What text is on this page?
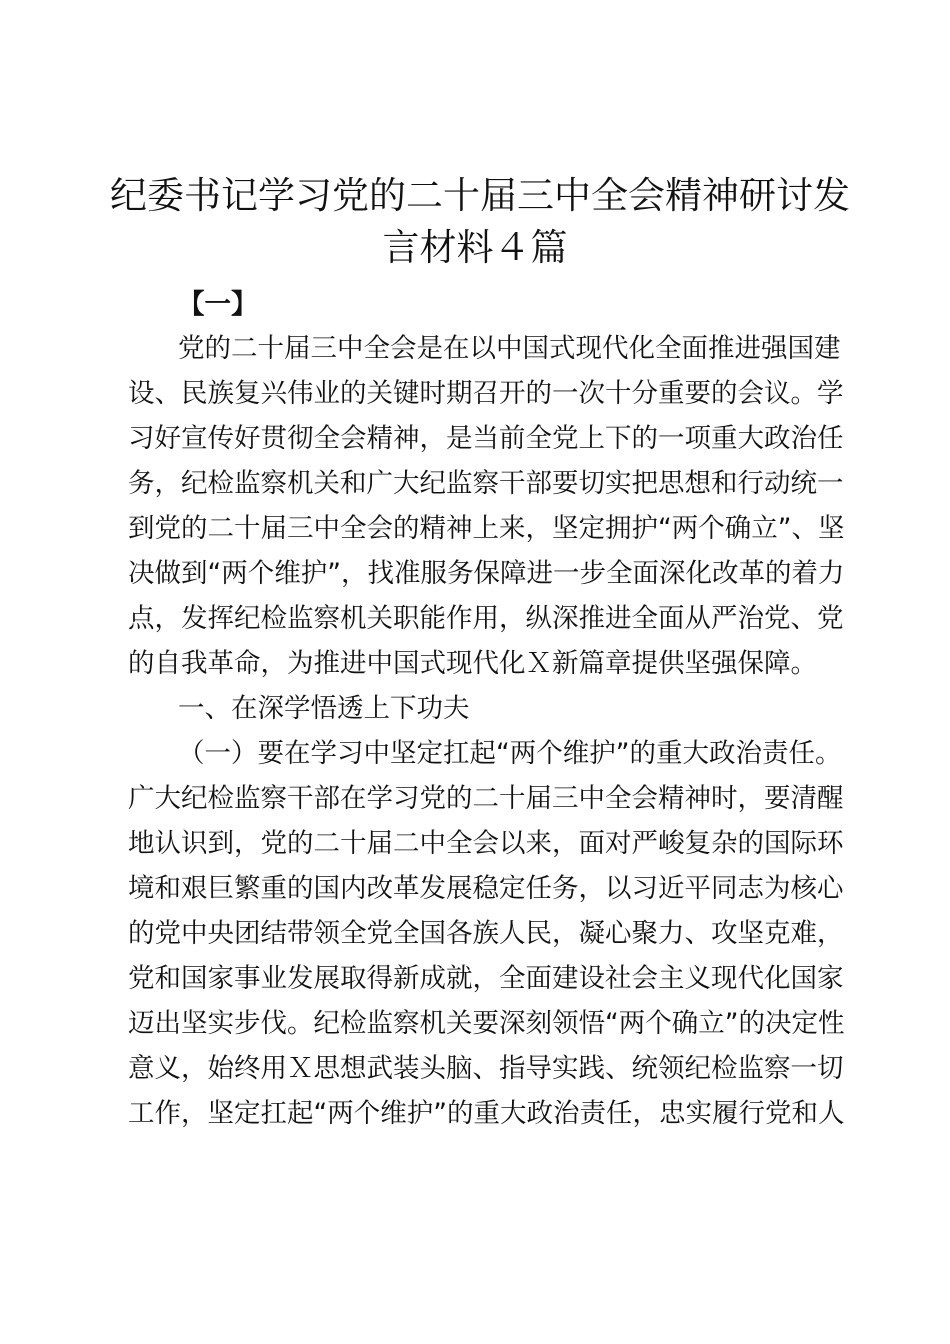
纪委书记学习党的二十届三中全会精神研讨发
言材料４篇
【一】
党的二十届三中全会是在以中国式现代化全面推进强国建
设、民族复兴伟业的关键时期召开的一次十分重要的会议。学
习好宣传好贯彻全会精神，是当前全党上下的一项重大政治任
务，纪检监察机关和广大纪监察干部要切实把思想和行动统一
到党的二十届三中全会的精神上来，坚定拥护“两个确立”、坚
决做到“两个维护”，找准服务保障进一步全面深化改革的着力
点，发挥纪检监察机关职能作用，纵深推进全面从严治党、党
的自我革命，为推进中国式现代化Ｘ新篇章提供坚强保障。
一、在深学悟透上下功夫
（一）要在学习中坚定扛起“两个维护”的重大政治责任。
广大纪检监察干部在学习党的二十届三中全会精神时，要清醒
地认识到，党的二十届二中全会以来，面对严峻复杂的国际环
境和艰巨繁重的国内改革发展稳定任务，以习近平同志为核心
的党中央团结带领全党全国各族人民，凝心聚力、攻坚克难，
党和国家事业发展取得新成就，全面建设社会主义现代化国家
迈出坚实步伐。纪检监察机关要深刻领悟“两个确立”的决定性
意义，始终用Ｘ思想武装头脑、指导实践、统领纪检监察一切
工作，坚定扛起“两个维护”的重大政治责任，忠实履行党和人
